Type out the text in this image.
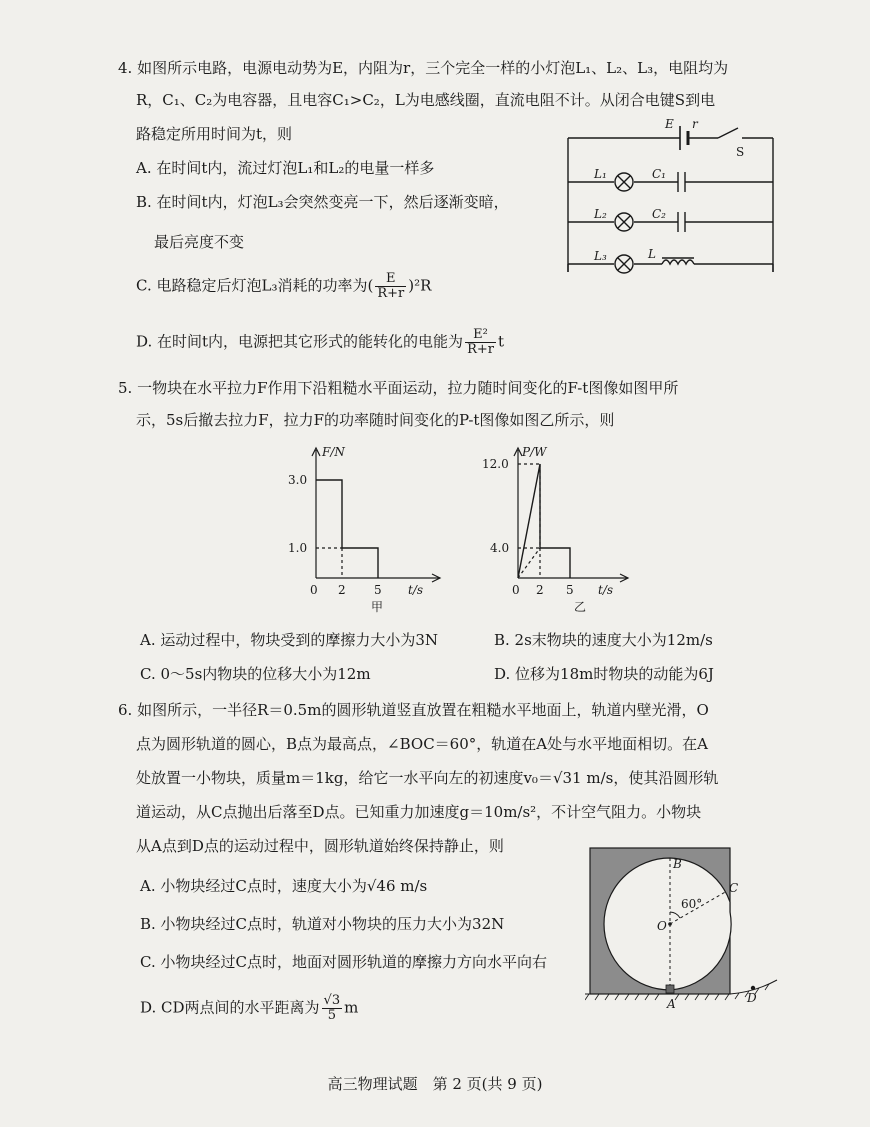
4. 如图所示电路，电源电动势为E，内阻为r，三个完全一样的小灯泡L₁、L₂、L₃，电阻均为
R，C₁、C₂为电容器，且电容C₁>C₂，L为电感线圈，直流电阻不计。从闭合电键S到电
路稳定所用时间为t，则
A. 在时间t内，流过灯泡L₁和L₂的电量一样多
B. 在时间t内，灯泡L₃会突然变亮一下，然后逐渐变暗，
最后亮度不变
C. 电路稳定后灯泡L₃消耗的功率为( $\frac{E}{R+r} )^2R$
D. 在时间t内，电源把其它形式的能转化的电能为 $\frac{\text{E²}}{R+r}$ t
E r
S
L₁	C₁
L₂	C₂
L₃	L
5. 一物块在水平拉力F作用下沿粗糙水平面运动，拉力随时间变化的F-t图像如图甲所
示，5s后撤去拉力F，拉力F的功率随时间变化的P-t图像如图乙所示，则
F/N
3.0
1.0
0 2 5 t/s
甲
P/W
12.0
4.0
0 2 5 t/s
乙
A. 运动过程中，物块受到的摩擦力大小为3N	B. 2s末物块的速度大小为12m/s
C. 0～5s内物块的位移大小为12m	D. 位移为18m时物块的动能为6J
6. 如图所示，一半径R＝0.5m的圆形轨道竖直放置在粗糙水平地面上，轨道内壁光滑，O
点为圆形轨道的圆心，B点为最高点，∠BOC＝60°，轨道在A处与水平地面相切。在A
处放置一小物块，质量m＝1kg，给它一水平向左的初速度v₀＝√31 m/s，使其沿圆形轨
道运动，从C点抛出后落至D点。已知重力加速度g＝10m/s²，不计空气阻力。小物块
从A点到D点的运动过程中，圆形轨道始终保持静止，则
A. 小物块经过C点时，速度大小为√46 m/s
B. 小物块经过C点时，轨道对小物块的压力大小为32N
C. 小物块经过C点时，地面对圆形轨道的摩擦力方向水平向右
D. CD两点间的水平距离为 $\frac{√3}{5}$ m
B
C
O
60°
A	D
高三物理试题　第 2 页(共 9 页)
